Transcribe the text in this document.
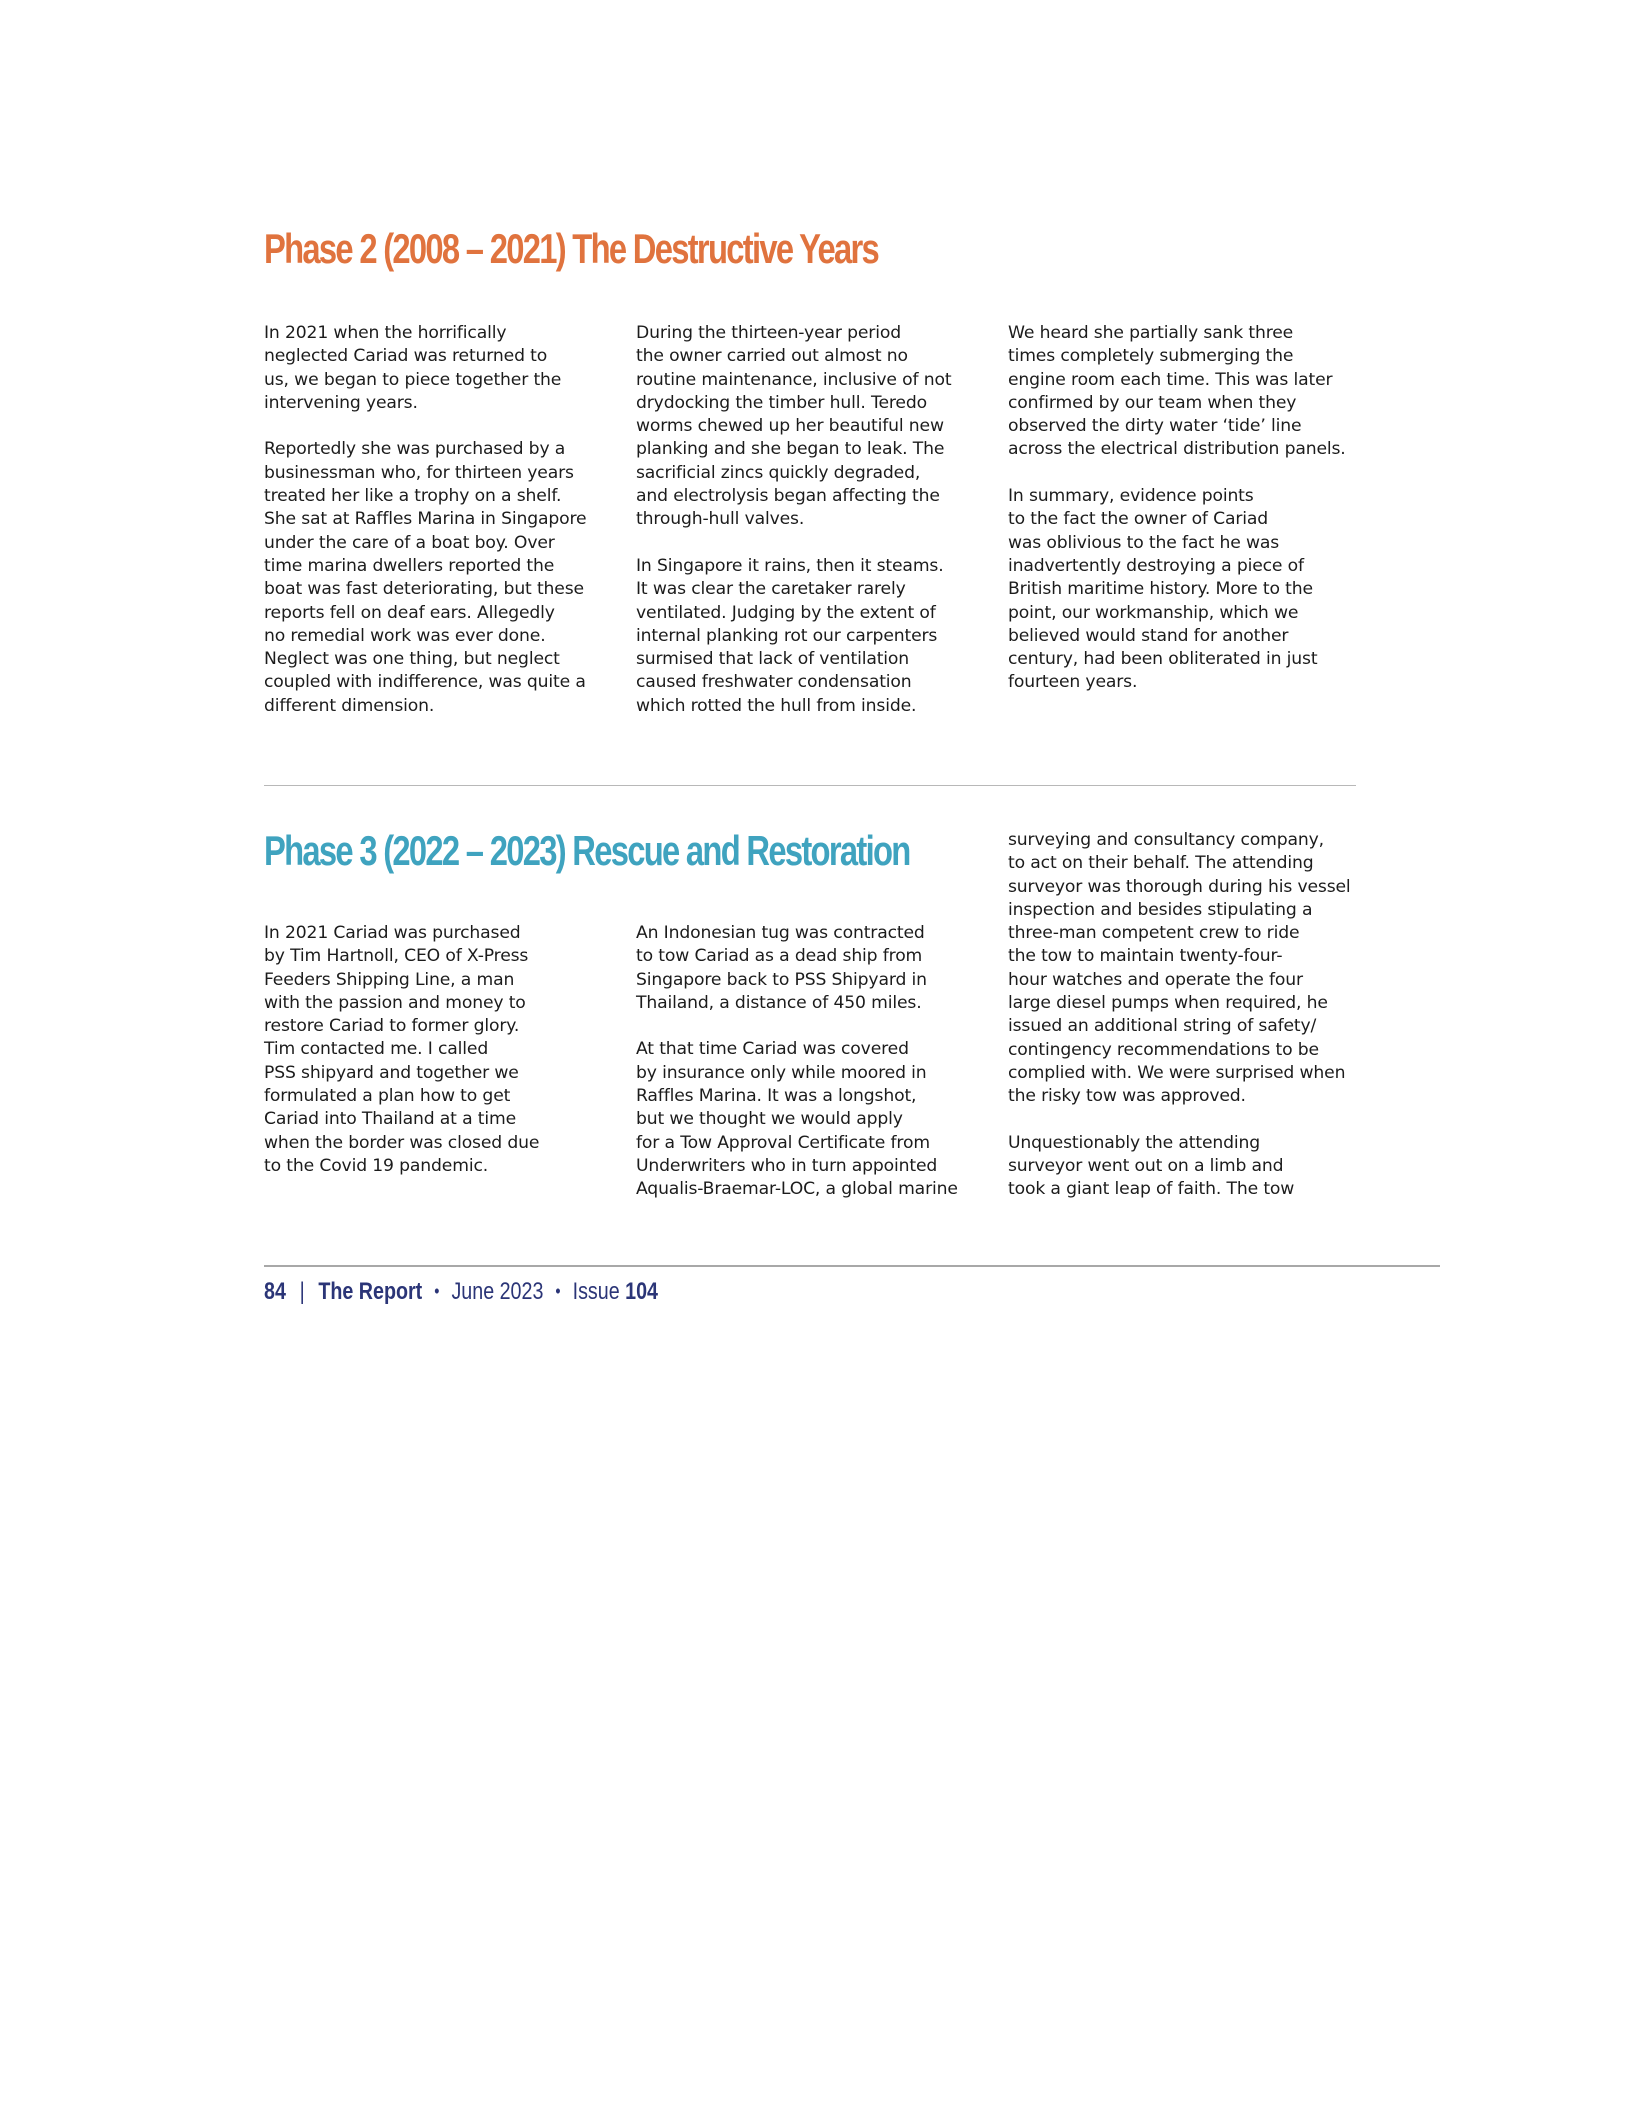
Phase 2 (2008 – 2021) The Destructive Years

In 2021 when the horrifically
neglected Cariad was returned to
us, we began to piece together the
intervening years.

Reportedly she was purchased by a
businessman who, for thirteen years
treated her like a trophy on a shelf.
She sat at Raffles Marina in Singapore
under the care of a boat boy. Over
time marina dwellers reported the
boat was fast deteriorating, but these
reports fell on deaf ears. Allegedly
no remedial work was ever done.
Neglect was one thing, but neglect
coupled with indifference, was quite a
different dimension.

During the thirteen-year period
the owner carried out almost no
routine maintenance, inclusive of not
drydocking the timber hull. Teredo
worms chewed up her beautiful new
planking and she began to leak. The
sacrificial zincs quickly degraded,
and electrolysis began affecting the
through-hull valves.

In Singapore it rains, then it steams.
It was clear the caretaker rarely
ventilated. Judging by the extent of
internal planking rot our carpenters
surmised that lack of ventilation
caused freshwater condensation
which rotted the hull from inside.

We heard she partially sank three
times completely submerging the
engine room each time. This was later
confirmed by our team when they
observed the dirty water ‘tide’ line
across the electrical distribution panels.

In summary, evidence points
to the fact the owner of Cariad
was oblivious to the fact he was
inadvertently destroying a piece of
British maritime history. More to the
point, our workmanship, which we
believed would stand for another
century, had been obliterated in just
fourteen years.

Phase 3 (2022 – 2023) Rescue and Restoration

In 2021 Cariad was purchased
by Tim Hartnoll, CEO of X-Press
Feeders Shipping Line, a man
with the passion and money to
restore Cariad to former glory.
Tim contacted me. I called
PSS shipyard and together we
formulated a plan how to get
Cariad into Thailand at a time
when the border was closed due
to the Covid 19 pandemic.

An Indonesian tug was contracted
to tow Cariad as a dead ship from
Singapore back to PSS Shipyard in
Thailand, a distance of 450 miles.

At that time Cariad was covered
by insurance only while moored in
Raffles Marina. It was a longshot,
but we thought we would apply
for a Tow Approval Certificate from
Underwriters who in turn appointed
Aqualis-Braemar-LOC, a global marine

surveying and consultancy company,
to act on their behalf. The attending
surveyor was thorough during his vessel
inspection and besides stipulating a
three-man competent crew to ride
the tow to maintain twenty-four-
hour watches and operate the four
large diesel pumps when required, he
issued an additional string of safety/
contingency recommendations to be
complied with. We were surprised when
the risky tow was approved.

Unquestionably the attending
surveyor went out on a limb and
took a giant leap of faith. The tow

84 | The Report • June 2023 • Issue 104
